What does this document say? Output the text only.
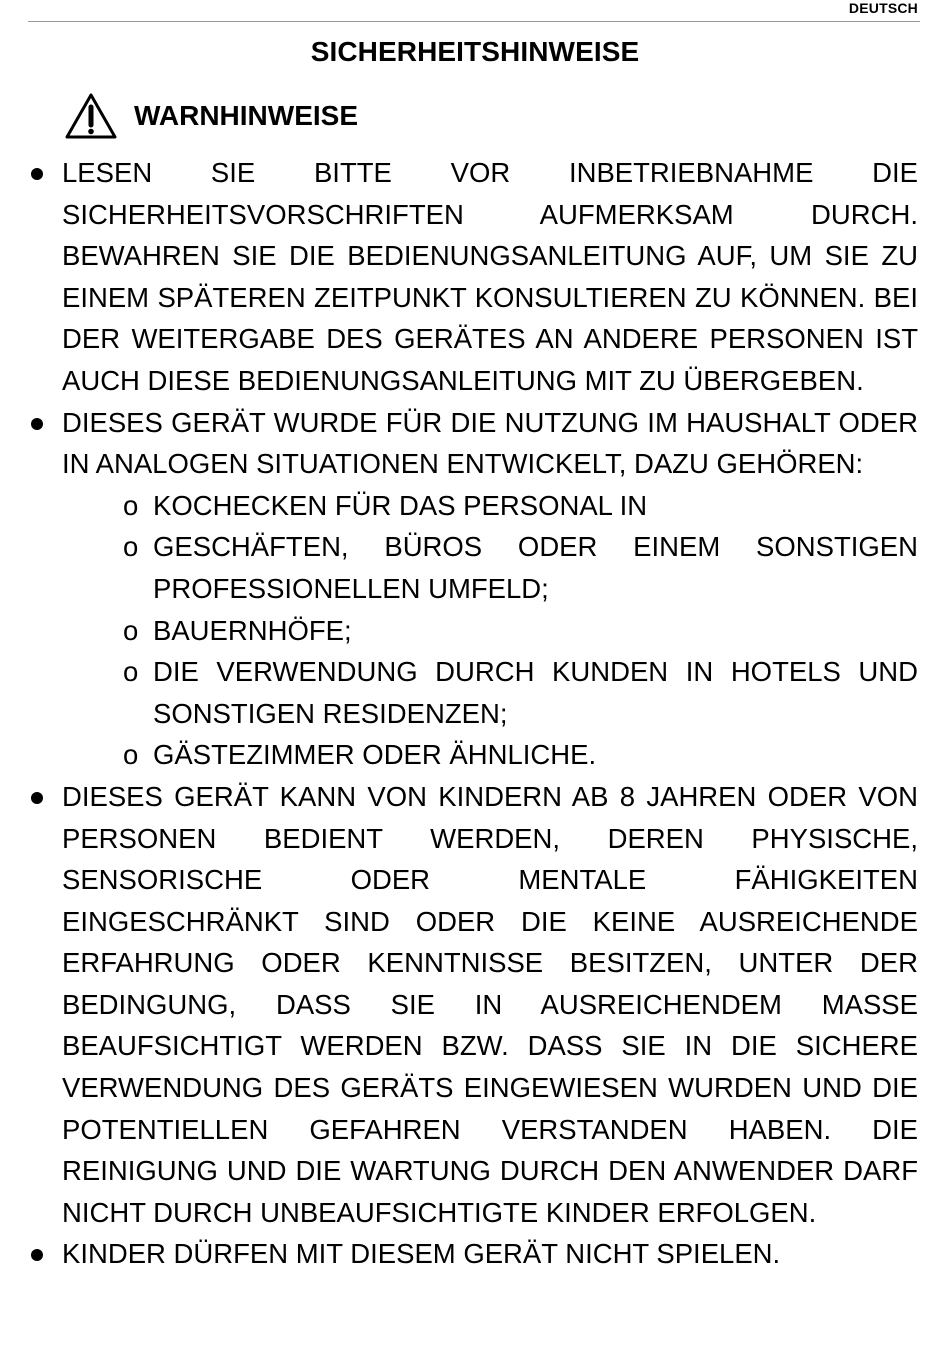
DEUTSCH
SICHERHEITSHINWEISE
WARNHINWEISE
LESEN SIE BITTE VOR INBETRIEBNAHME DIE SICHERHEITSVORSCHRIFTEN AUFMERKSAM DURCH. BEWAHREN SIE DIE BEDIENUNGSANLEITUNG AUF, UM SIE ZU EINEM SPÄTEREN ZEITPUNKT KONSULTIEREN ZU KÖNNEN. BEI DER WEITERGABE DES GERÄTES AN ANDERE PERSONEN IST AUCH DIESE BEDIENUNGSANLEITUNG MIT ZU ÜBERGEBEN.
DIESES GERÄT WURDE FÜR DIE NUTZUNG IM HAUSHALT ODER IN ANALOGEN SITUATIONEN ENTWICKELT, DAZU GEHÖREN:
o KOCHECKEN FÜR DAS PERSONAL IN
o GESCHÄFTEN, BÜROS ODER EINEM SONSTIGEN PROFESSIONELLEN UMFELD;
o BAUERNHÖFE;
o DIE VERWENDUNG DURCH KUNDEN IN HOTELS UND SONSTIGEN RESIDENZEN;
o GÄSTEZIMMER ODER ÄHNLICHE.
DIESES GERÄT KANN VON KINDERN AB 8 JAHREN ODER VON PERSONEN BEDIENT WERDEN, DEREN PHYSISCHE, SENSORISCHE ODER MENTALE FÄHIGKEITEN EINGESCHRÄNKT SIND ODER DIE KEINE AUSREICHENDE ERFAHRUNG ODER KENNTNISSE BESITZEN, UNTER DER BEDINGUNG, DASS SIE IN AUSREICHENDEM MASSE BEAUFSICHTIGT WERDEN BZW. DASS SIE IN DIE SICHERE VERWENDUNG DES GERÄTS EINGEWIESEN WURDEN UND DIE POTENTIELLEN GEFAHREN VERSTANDEN HABEN. DIE REINIGUNG UND DIE WARTUNG DURCH DEN ANWENDER DARF NICHT DURCH UNBEAUFSICHTIGTE KINDER ERFOLGEN.
KINDER DÜRFEN MIT DIESEM GERÄT NICHT SPIELEN.
